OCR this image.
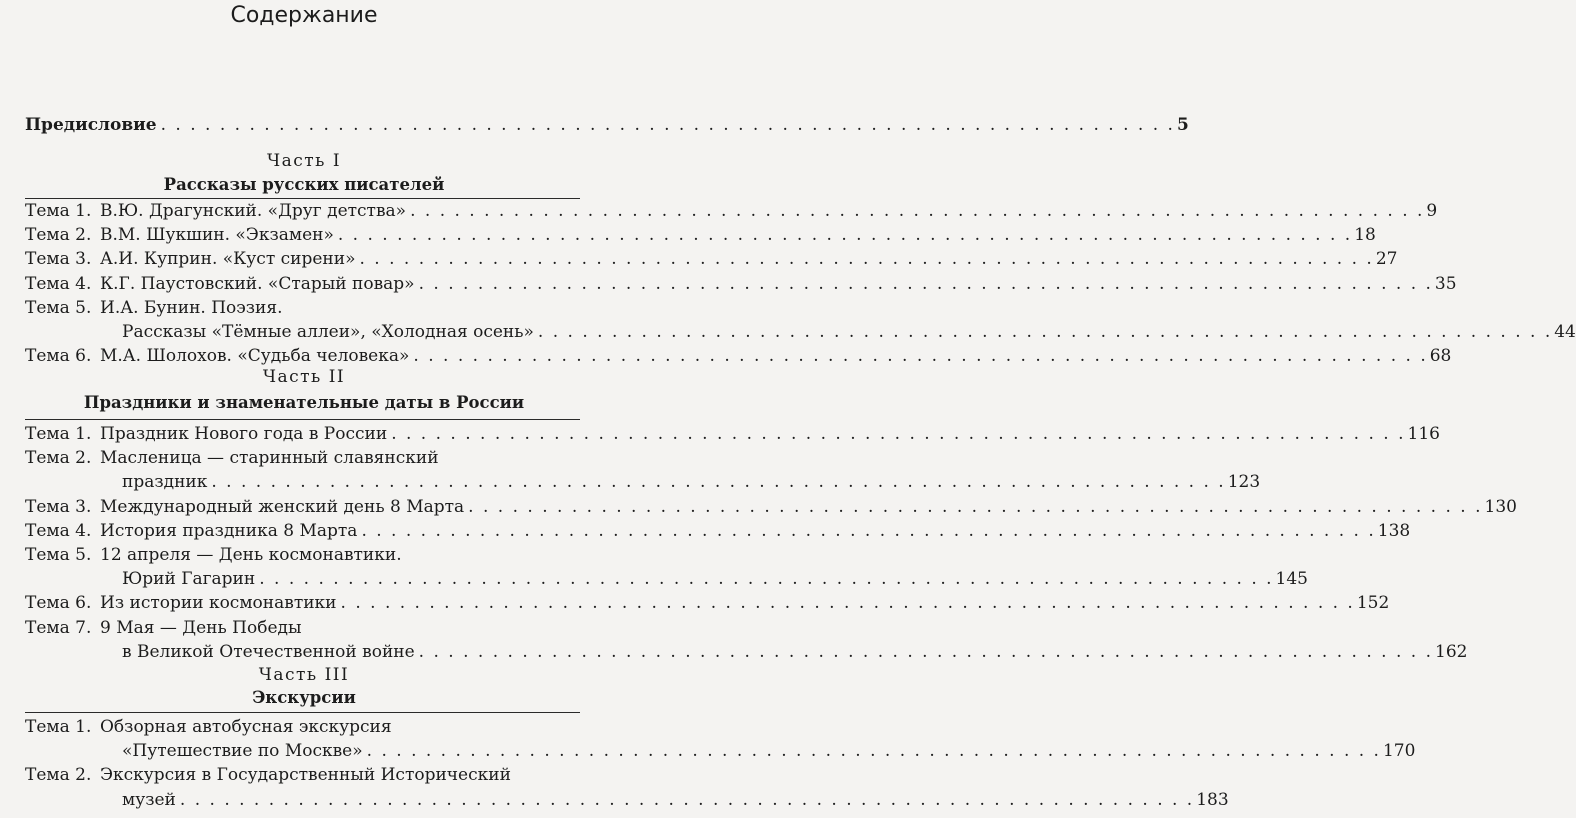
Содержание
Предисловие . . . . . . . . . . . . . . . . . . . . . . . . . . . . . . . . . . . . . . . . . . . . . . . . . . . . . . . . . . . . . . . . . . . . . 5
Часть I
Рассказы русских писателей
Тема 1. В.Ю. Драгунский. «Друг детства» . . . . . . . . . . . . . . . . . . . . . . . . . . . . . . . . . . . . . . . . . . . . . . . . . . . . . . . . . . . . . . . . . . . . . 9
Тема 2. В.М. Шукшин. «Экзамен» . . . . . . . . . . . . . . . . . . . . . . . . . . . . . . . . . . . . . . . . . . . . . . . . . . . . . . . . . . . . . . . . . . . . . 18
Тема 3. А.И. Куприн. «Куст сирени» . . . . . . . . . . . . . . . . . . . . . . . . . . . . . . . . . . . . . . . . . . . . . . . . . . . . . . . . . . . . . . . . . . . . . 27
Тема 4. К.Г. Паустовский. «Старый повар» . . . . . . . . . . . . . . . . . . . . . . . . . . . . . . . . . . . . . . . . . . . . . . . . . . . . . . . . . . . . . . . . . . . . . 35
Тема 5. И.А. Бунин. Поэзия.
Рассказы «Тёмные аллеи», «Холодная осень» . . . . . . . . . . . . . . . . . . . . . . . . . . . . . . . . . . . . . . . . . . . . . . . . . . . . . . . . . . . . . . . . . . . . . 44
Тема 6. М.А. Шолохов. «Судьба человека» . . . . . . . . . . . . . . . . . . . . . . . . . . . . . . . . . . . . . . . . . . . . . . . . . . . . . . . . . . . . . . . . . . . . . 68
Часть II
Праздники и знаменательные даты в России
Тема 1. Праздник Нового года в России . . . . . . . . . . . . . . . . . . . . . . . . . . . . . . . . . . . . . . . . . . . . . . . . . . . . . . . . . . . . . . . . . . . . . 116
Тема 2. Масленица — старинный славянский
праздник . . . . . . . . . . . . . . . . . . . . . . . . . . . . . . . . . . . . . . . . . . . . . . . . . . . . . . . . . . . . . . . . . . . . . 123
Тема 3. Международный женский день 8 Марта . . . . . . . . . . . . . . . . . . . . . . . . . . . . . . . . . . . . . . . . . . . . . . . . . . . . . . . . . . . . . . . . . . . . . 130
Тема 4. История праздника 8 Марта . . . . . . . . . . . . . . . . . . . . . . . . . . . . . . . . . . . . . . . . . . . . . . . . . . . . . . . . . . . . . . . . . . . . . 138
Тема 5. 12 апреля — День космонавтики.
Юрий Гагарин . . . . . . . . . . . . . . . . . . . . . . . . . . . . . . . . . . . . . . . . . . . . . . . . . . . . . . . . . . . . . . . . . . . . . 145
Тема 6. Из истории космонавтики . . . . . . . . . . . . . . . . . . . . . . . . . . . . . . . . . . . . . . . . . . . . . . . . . . . . . . . . . . . . . . . . . . . . . 152
Тема 7. 9 Мая — День Победы
в Великой Отечественной войне . . . . . . . . . . . . . . . . . . . . . . . . . . . . . . . . . . . . . . . . . . . . . . . . . . . . . . . . . . . . . . . . . . . . . 162
Часть III
Экскурсии
Тема 1. Обзорная автобусная экскурсия
«Путешествие по Москве» . . . . . . . . . . . . . . . . . . . . . . . . . . . . . . . . . . . . . . . . . . . . . . . . . . . . . . . . . . . . . . . . . . . . . 170
Тема 2. Экскурсия в Государственный Исторический
музей . . . . . . . . . . . . . . . . . . . . . . . . . . . . . . . . . . . . . . . . . . . . . . . . . . . . . . . . . . . . . . . . . . . . . 183
